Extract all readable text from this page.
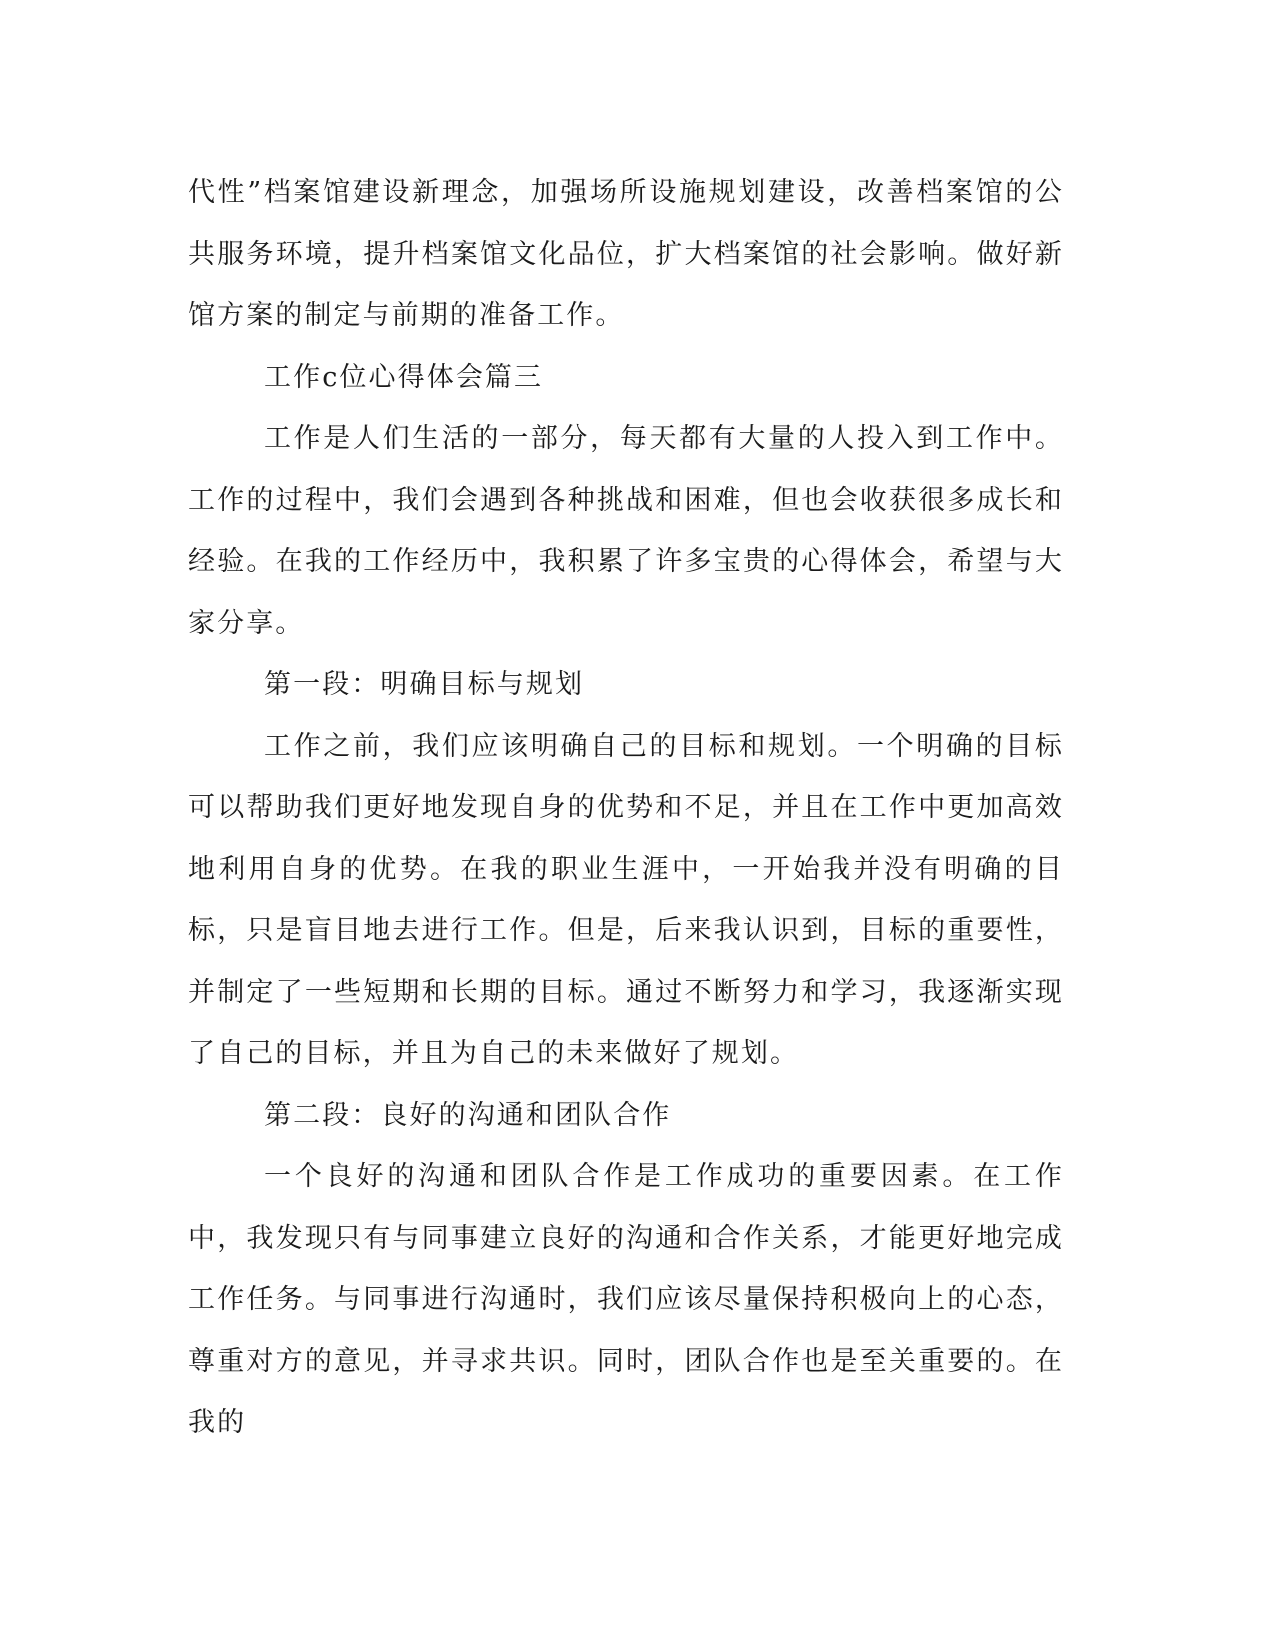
代性”档案馆建设新理念，加强场所设施规划建设，改善档案馆的公共服务环境，提升档案馆文化品位，扩大档案馆的社会影响。做好新馆方案的制定与前期的准备工作。

工作c位心得体会篇三

工作是人们生活的一部分，每天都有大量的人投入到工作中。工作的过程中，我们会遇到各种挑战和困难，但也会收获很多成长和经验。在我的工作经历中，我积累了许多宝贵的心得体会，希望与大家分享。

第一段：明确目标与规划

工作之前，我们应该明确自己的目标和规划。一个明确的目标可以帮助我们更好地发现自身的优势和不足，并且在工作中更加高效地利用自身的优势。在我的职业生涯中，一开始我并没有明确的目标，只是盲目地去进行工作。但是，后来我认识到，目标的重要性，并制定了一些短期和长期的目标。通过不断努力和学习，我逐渐实现了自己的目标，并且为自己的未来做好了规划。

第二段：良好的沟通和团队合作

一个良好的沟通和团队合作是工作成功的重要因素。在工作中，我发现只有与同事建立良好的沟通和合作关系，才能更好地完成工作任务。与同事进行沟通时，我们应该尽量保持积极向上的心态，尊重对方的意见，并寻求共识。同时，团队合作也是至关重要的。在我的
